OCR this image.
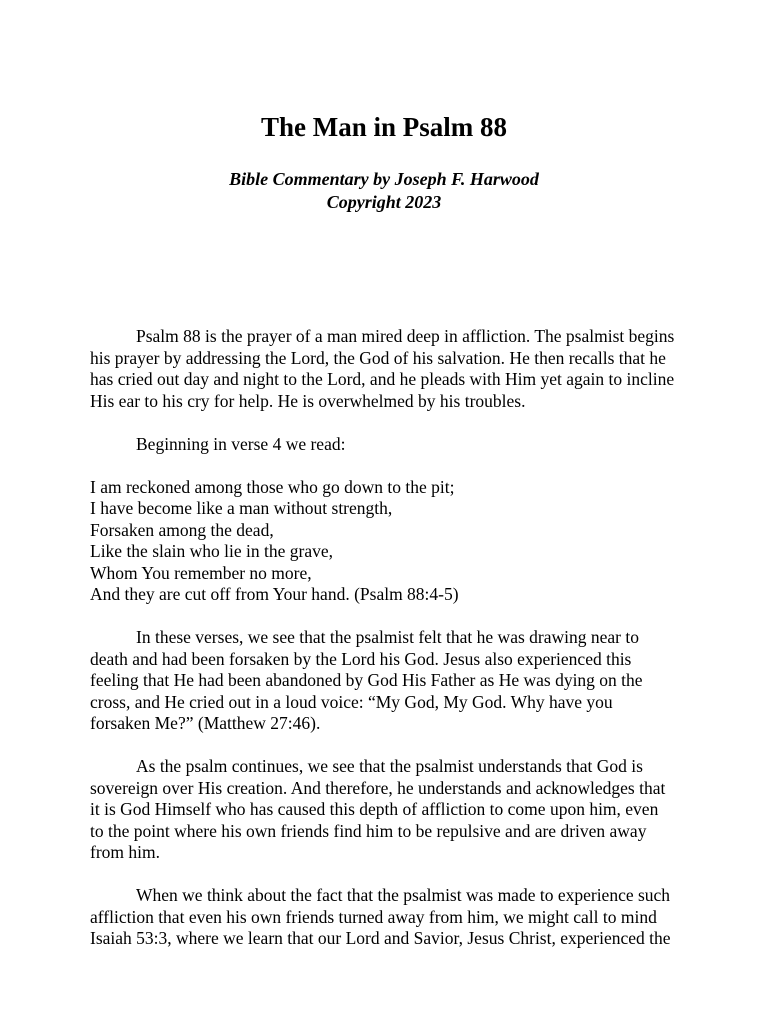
The Man in Psalm 88
Bible Commentary by Joseph F. Harwood
Copyright 2023

Psalm 88 is the prayer of a man mired deep in affliction. The psalmist begins
his prayer by addressing the Lord, the God of his salvation. He then recalls that he
has cried out day and night to the Lord, and he pleads with Him yet again to incline
His ear to his cry for help. He is overwhelmed by his troubles.

Beginning in verse 4 we read:

I am reckoned among those who go down to the pit;
I have become like a man without strength,
Forsaken among the dead,
Like the slain who lie in the grave,
Whom You remember no more,
And they are cut off from Your hand. (Psalm 88:4-5)

In these verses, we see that the psalmist felt that he was drawing near to
death and had been forsaken by the Lord his God. Jesus also experienced this
feeling that He had been abandoned by God His Father as He was dying on the
cross, and He cried out in a loud voice: “My God, My God. Why have you
forsaken Me?” (Matthew 27:46).

As the psalm continues, we see that the psalmist understands that God is
sovereign over His creation. And therefore, he understands and acknowledges that
it is God Himself who has caused this depth of affliction to come upon him, even
to the point where his own friends find him to be repulsive and are driven away
from him.

When we think about the fact that the psalmist was made to experience such
affliction that even his own friends turned away from him, we might call to mind
Isaiah 53:3, where we learn that our Lord and Savior, Jesus Christ, experienced the
